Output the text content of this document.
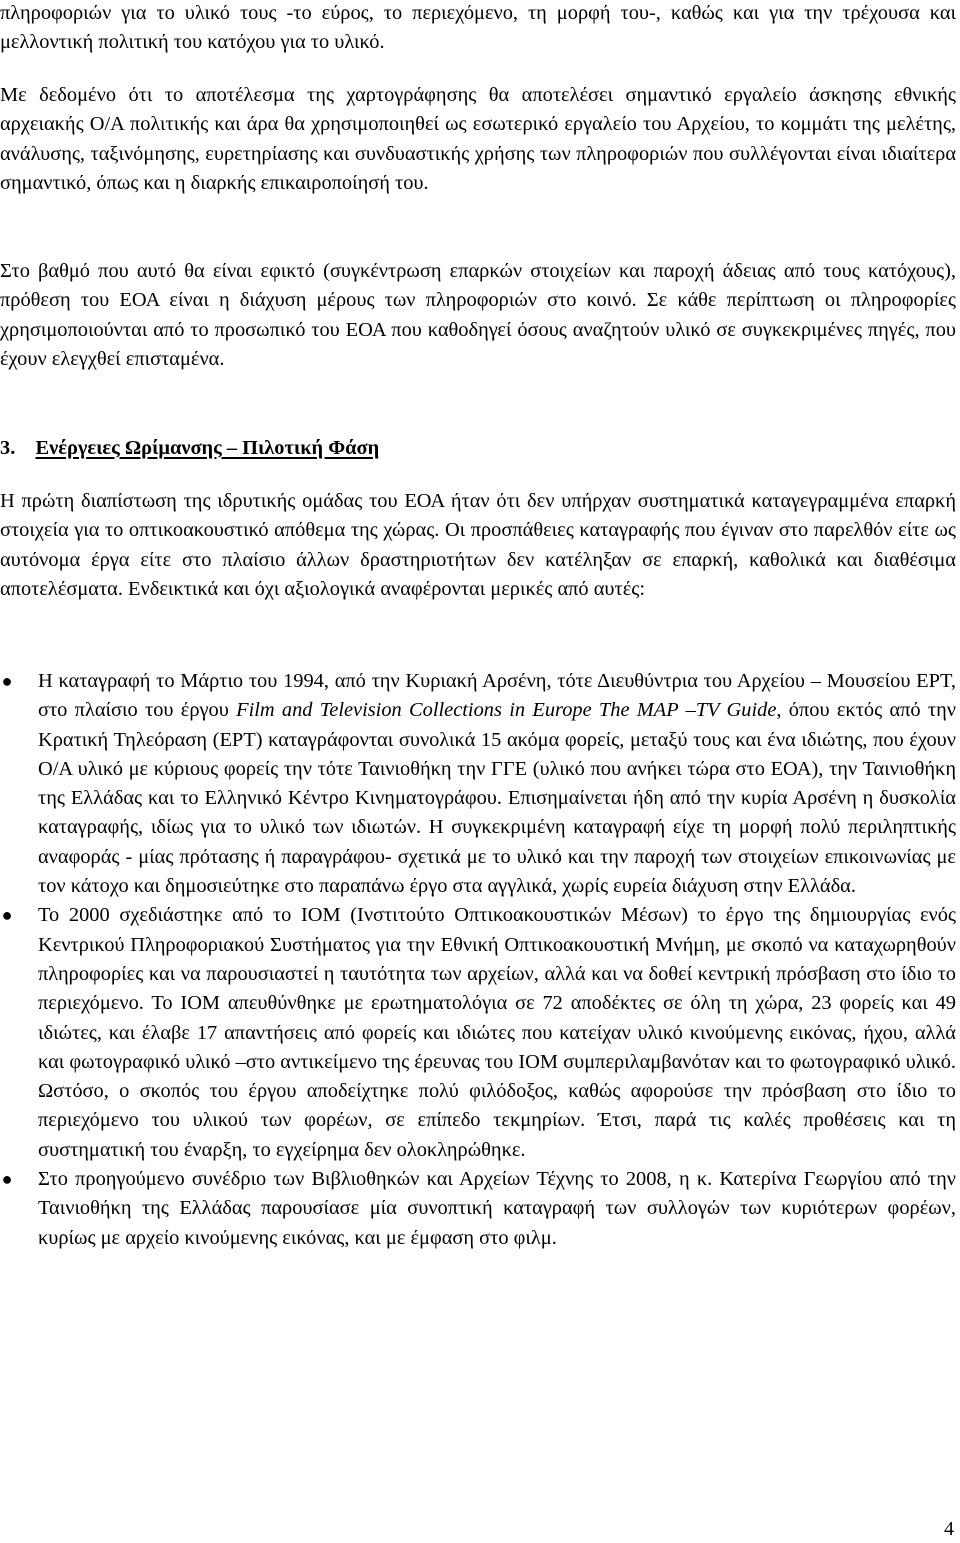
πληροφοριών για το υλικό τους -το εύρος, το περιεχόμενο, τη μορφή του-, καθώς και για την τρέχουσα και μελλοντική πολιτική του κατόχου για το υλικό.

Με δεδομένο ότι το αποτέλεσμα της χαρτογράφησης θα αποτελέσει σημαντικό εργαλείο άσκησης εθνικής αρχειακής Ο/Α πολιτικής και άρα θα χρησιμοποιηθεί ως εσωτερικό εργαλείο του Αρχείου, το κομμάτι της μελέτης, ανάλυσης, ταξινόμησης, ευρετηρίασης και συνδυαστικής χρήσης των πληροφοριών που συλλέγονται είναι ιδιαίτερα σημαντικό, όπως και η διαρκής επικαιροποίησή του.

Στο βαθμό που αυτό θα είναι εφικτό (συγκέντρωση επαρκών στοιχείων και παροχή άδειας από τους κατόχους), πρόθεση του ΕΟΑ είναι η διάχυση μέρους των πληροφοριών στο κοινό. Σε κάθε περίπτωση οι πληροφορίες χρησιμοποιούνται από το προσωπικό του ΕΟΑ που καθοδηγεί όσους αναζητούν υλικό σε συγκεκριμένες πηγές, που έχουν ελεγχθεί επισταμένα.

3. Ενέργειες Ωρίμανσης – Πιλοτική Φάση

Η πρώτη διαπίστωση της ιδρυτικής ομάδας του ΕΟΑ ήταν ότι δεν υπήρχαν συστηματικά καταγεγραμμένα επαρκή στοιχεία για το οπτικοακουστικό απόθεμα της χώρας. Οι προσπάθειες καταγραφής που έγιναν στο παρελθόν είτε ως αυτόνομα έργα είτε στο πλαίσιο άλλων δραστηριοτήτων δεν κατέληξαν σε επαρκή, καθολικά και διαθέσιμα αποτελέσματα. Ενδεικτικά και όχι αξιολογικά αναφέρονται μερικές από αυτές:

● Η καταγραφή το Μάρτιο του 1994, από την Κυριακή Αρσένη, τότε Διευθύντρια του Αρχείου – Μουσείου ΕΡΤ, στο πλαίσιο του έργου Film and Television Collections in Europe The MAP –TV Guide, όπου εκτός από την Κρατική Τηλεόραση (ΕΡΤ) καταγράφονται συνολικά 15 ακόμα φορείς, μεταξύ τους και ένα ιδιώτης, που έχουν Ο/Α υλικό με κύριους φορείς την τότε Ταινιοθήκη την ΓΓΕ (υλικό που ανήκει τώρα στο ΕΟΑ), την Ταινιοθήκη της Ελλάδας και το Ελληνικό Κέντρο Κινηματογράφου. Επισημαίνεται ήδη από την κυρία Αρσένη η δυσκολία καταγραφής, ιδίως για το υλικό των ιδιωτών. Η συγκεκριμένη καταγραφή είχε τη μορφή πολύ περιληπτικής αναφοράς - μίας πρότασης ή παραγράφου- σχετικά με το υλικό και την παροχή των στοιχείων επικοινωνίας με τον κάτοχο και δημοσιεύτηκε στο παραπάνω έργο στα αγγλικά, χωρίς ευρεία διάχυση στην Ελλάδα.
● Το 2000 σχεδιάστηκε από το ΙΟΜ (Ινστιτούτο Οπτικοακουστικών Μέσων) το έργο της δημιουργίας ενός Κεντρικού Πληροφοριακού Συστήματος για την Εθνική Οπτικοακουστική Μνήμη, με σκοπό να καταχωρηθούν πληροφορίες και να παρουσιαστεί η ταυτότητα των αρχείων, αλλά και να δοθεί κεντρική πρόσβαση στο ίδιο το περιεχόμενο. Το ΙΟΜ απευθύνθηκε με ερωτηματολόγια σε 72 αποδέκτες σε όλη τη χώρα, 23 φορείς και 49 ιδιώτες, και έλαβε 17 απαντήσεις από φορείς και ιδιώτες που κατείχαν υλικό κινούμενης εικόνας, ήχου, αλλά και φωτογραφικό υλικό –στο αντικείμενο της έρευνας του ΙΟΜ συμπεριλαμβανόταν και το φωτογραφικό υλικό. Ωστόσο, ο σκοπός του έργου αποδείχτηκε πολύ φιλόδοξος, καθώς αφορούσε την πρόσβαση στο ίδιο το περιεχόμενο του υλικού των φορέων, σε επίπεδο τεκμηρίων. Έτσι, παρά τις καλές προθέσεις και τη συστηματική του έναρξη, το εγχείρημα δεν ολοκληρώθηκε.
● Στο προηγούμενο συνέδριο των Βιβλιοθηκών και Αρχείων Τέχνης το 2008, η κ. Κατερίνα Γεωργίου από την Ταινιοθήκη της Ελλάδας παρουσίασε μία συνοπτική καταγραφή των συλλογών των κυριότερων φορέων, κυρίως με αρχείο κινούμενης εικόνας, και με έμφαση στο φιλμ.
4
